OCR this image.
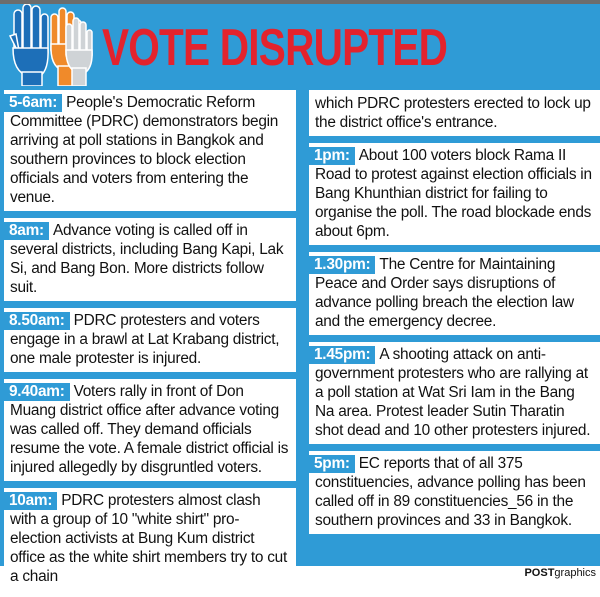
VOTE DISRUPTED
5-6am: People's Democratic Reform Committee (PDRC) demonstrators begin arriving at poll stations in Bangkok and southern provinces to block election officials and voters from entering the venue.
8am: Advance voting is called off in several districts, including Bang Kapi, Lak Si, and Bang Bon. More districts follow suit.
8.50am: PDRC protesters and voters engage in a brawl at Lat Krabang district, one male protester is injured.
9.40am: Voters rally in front of Don Muang district office after advance voting was called off. They demand officials resume the vote. A female district official is injured allegedly by disgruntled voters.
10am: PDRC protesters almost clash with a group of 10 "white shirt" pro-election activists at Bung Kum district office as the white shirt members try to cut a chain
which PDRC protesters erected to lock up the district office's entrance.
1pm: About 100 voters block Rama II Road to protest against election officials in Bang Khunthian district for failing to organise the poll. The road blockade ends about 6pm.
1.30pm: The Centre for Maintaining Peace and Order says disruptions of advance polling breach the election law and the emergency decree.
1.45pm: A shooting attack on anti-government protesters who are rallying at a poll station at Wat Sri Iam in the Bang Na area. Protest leader Sutin Tharatin shot dead and 10 other protesters injured.
5pm: EC reports that of all 375 constituencies, advance polling has been called off in 89 constituencies_56 in the southern provinces and 33 in Bangkok.
POSTgraphics
